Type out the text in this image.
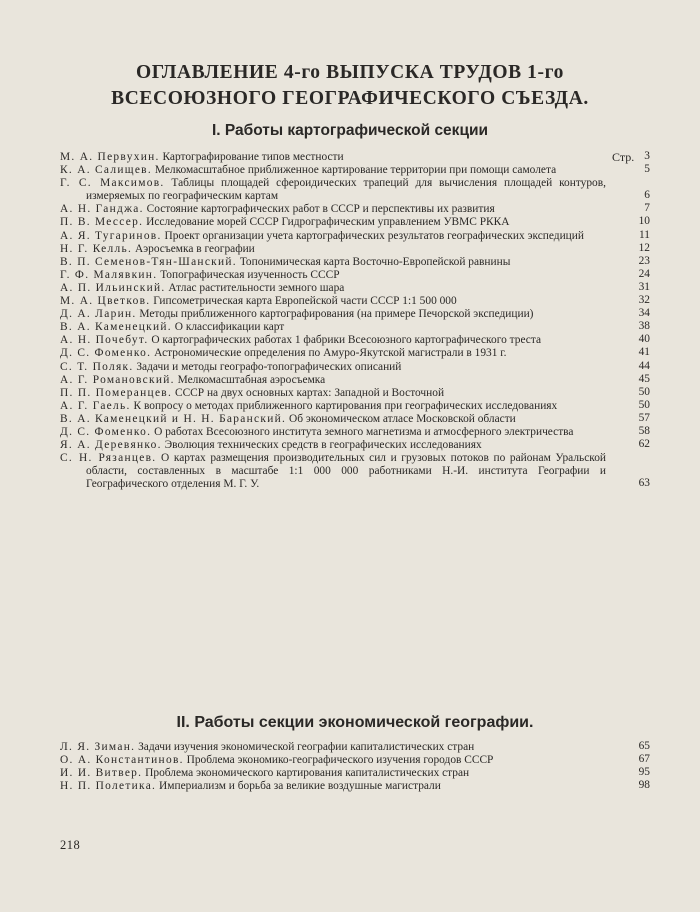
ОГЛАВЛЕНИЕ 4-го ВЫПУСКА ТРУДОВ 1-го ВСЕСОЮЗНОГО ГЕОГРАФИЧЕСКОГО СЪЕЗДА.
I. Работы картографической секции
Стр.
М. А. Первухин. Картографирование типов местности	3
К. А. Салищев. Мелкомасштабное приближенное картирование территории при помощи самолета	5
Г. С. Максимов. Таблицы площадей сфероидических трапеций для вычисления площадей контуров, измеряемых по географическим картам	6
А. Н. Ганджа. Состояние картографических работ в СССР и перспективы их развития	7
П. В. Мессер. Исследование морей СССР Гидрографическим управлением УВМС РККА	10
А. Я. Тугаринов. Проект организации учета картографических результатов географических экспедиций	11
Н. Г. Келль. Аэросъемка в географии	12
В. П. Семенов-Тян-Шанский. Топонимическая карта Восточно-Европейской равнины	23
Г. Ф. Малявкин. Топографическая изученность СССР	24
А. П. Ильинский. Атлас растительности земного шара	31
М. А. Цветков. Гипсометрическая карта Европейской части СССР 1:1 500 000	32
Д. А. Ларин. Методы приближенного картографирования (на примере Печорской экспедиции)	34
В. А. Каменецкий. О классификации карт	38
А. Н. Почебут. О картографических работах 1 фабрики Всесоюзного картографического треста	40
Д. С. Фоменко. Астрономические определения по Амуро-Якутской магистрали в 1931 г.	41
С. Т. Поляк. Задачи и методы географо-топографических описаний	44
А. Г. Романовский. Мелкомасштабная аэросъемка	45
П. П. Померанцев. СССР на двух основных картах: Западной и Восточной	50
А. Г. Гаель. К вопросу о методах приближенного картирования при географических исследованиях	50
В. А. Каменецкий и Н. Н. Баранский. Об экономическом атласе Московской области	57
Д. С. Фоменко. О работах Всесоюзного института земного магнетизма и атмосферного электричества	58
Я. А. Деревянко. Эволюция технических средств в географических исследованиях	62
С. Н. Рязанцев. О картах размещения производительных сил и грузовых потоков по районам Уральской области, составленных в масштабе 1:1 000 000 работниками Н.-И. института Географии и Географического отделения М. Г. У.	63
II. Работы секции экономической географии.
Л. Я. Зиман. Задачи изучения экономической географии капиталистических стран	65
О. А. Константинов. Проблема экономико-географического изучения городов СССР	67
И. И. Витвер. Проблема экономического картирования капиталистических стран	95
Н. П. Полетика. Империализм и борьба за великие воздушные магистрали	98
218
